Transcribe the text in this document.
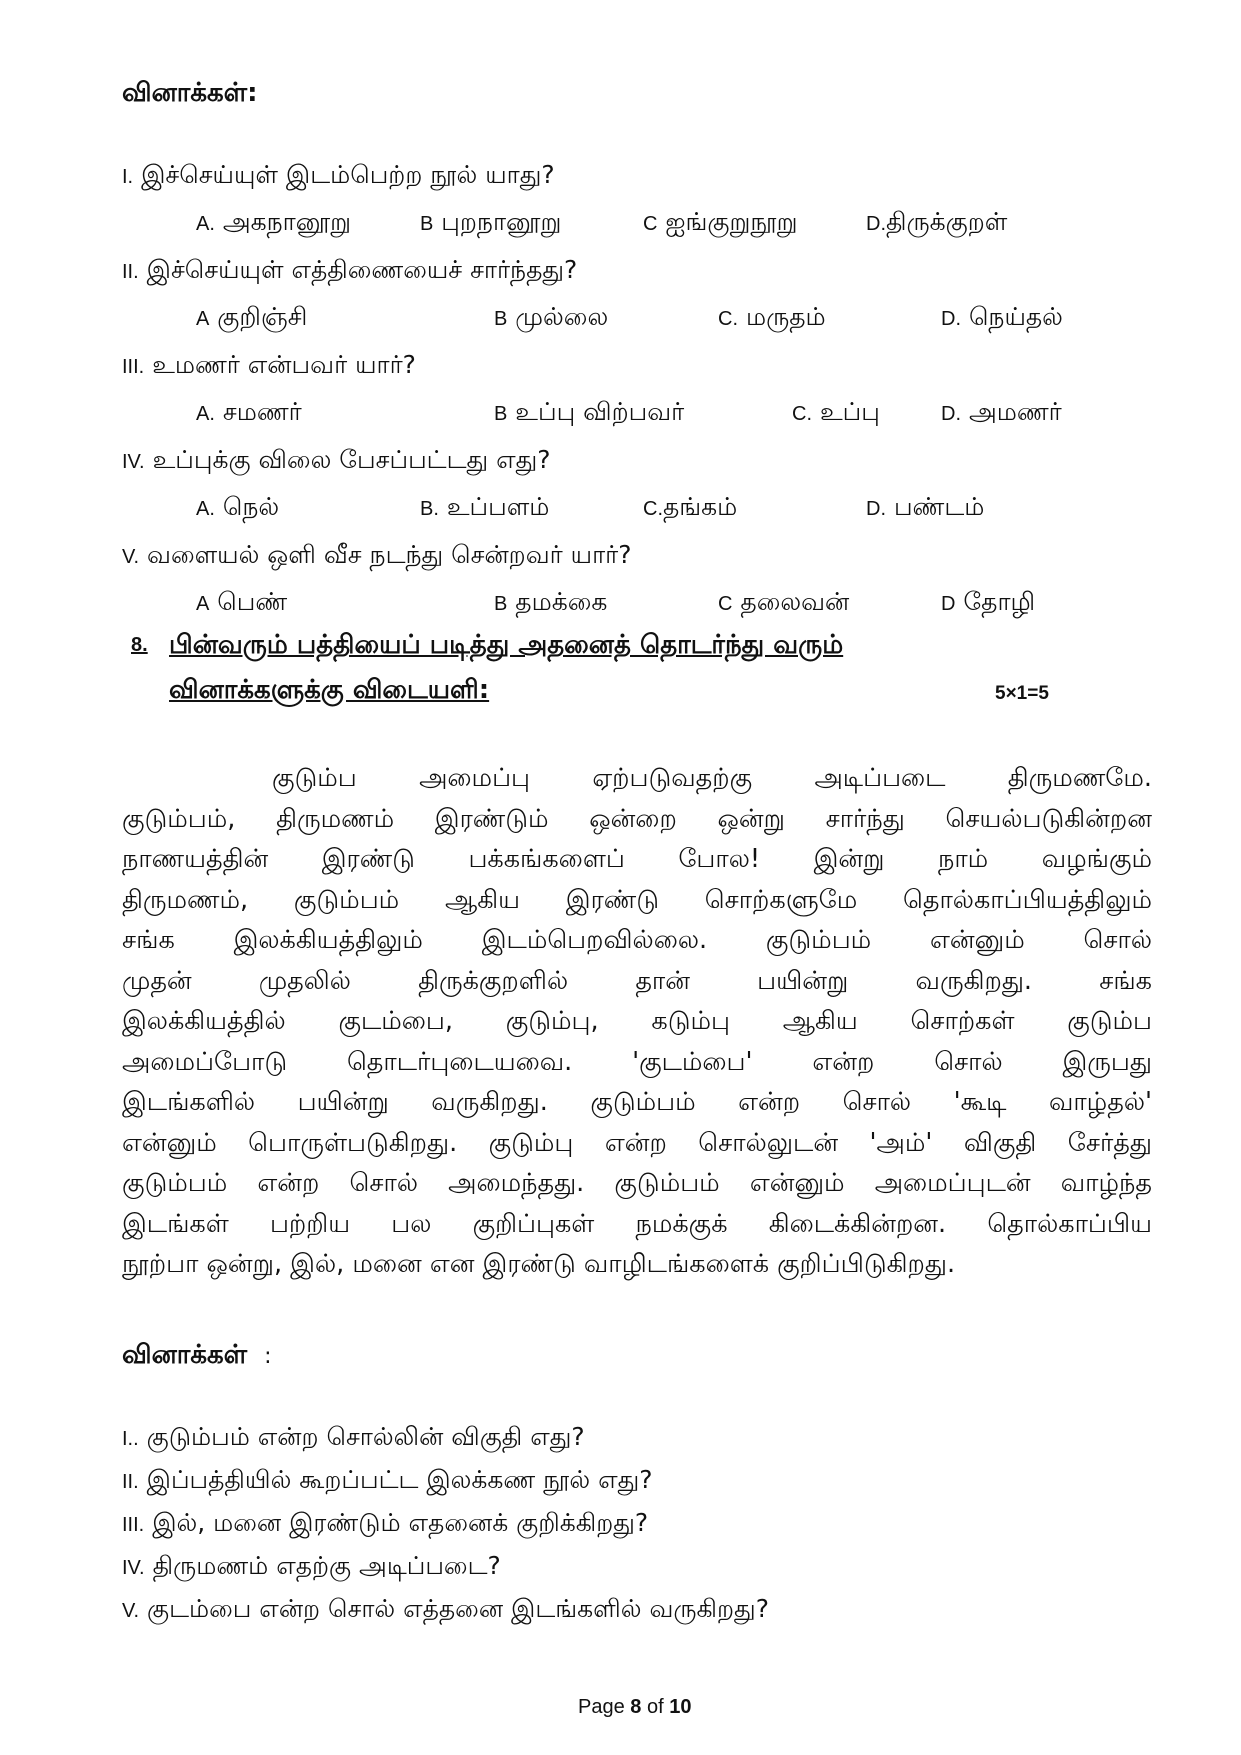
வினாக்கள்:
I. இச்செய்யுள் இடம்பெற்ற நூல் யாது?
A. அகநானூறு	B புறநானூறு	C ஐங்குறுநூறு	D.திருக்குறள்
II. இச்செய்யுள் எத்திணையைச் சார்ந்தது?
A குறிஞ்சி	B முல்லை	C. மருதம்	D. நெய்தல்
III. உமணர் என்பவர் யார்?
A. சமணர்	B உப்பு விற்பவர்	C. உப்பு	D. அமணர்
IV. உப்புக்கு விலை பேசப்பட்டது எது?
A. நெல்	B. உப்பளம்	C.தங்கம்	D. பண்டம்
V. வளையல் ஒளி வீச நடந்து சென்றவர் யார்?
A பெண்	B தமக்கை	C தலைவன்	D தோழி
8. பின்வரும் பத்தியைப் படித்து அதனைத் தொடர்ந்து வரும்
வினாக்களுக்கு விடையளி:	5×1=5
குடும்ப அமைப்பு ஏற்படுவதற்கு அடிப்படை திருமணமே.
குடும்பம், திருமணம் இரண்டும் ஒன்றை ஒன்று சார்ந்து செயல்படுகின்றன
நாணயத்தின் இரண்டு பக்கங்களைப் போல! இன்று நாம் வழங்கும்
திருமணம், குடும்பம் ஆகிய இரண்டு சொற்களுமே தொல்காப்பியத்திலும்
சங்க இலக்கியத்திலும் இடம்பெறவில்லை. குடும்பம் என்னும் சொல்
முதன் முதலில் திருக்குறளில் தான் பயின்று வருகிறது. சங்க
இலக்கியத்தில் குடம்பை, குடும்பு, கடும்பு ஆகிய சொற்கள் குடும்ப
அமைப்போடு தொடர்புடையவை. 'குடம்பை' என்ற சொல் இருபது
இடங்களில் பயின்று வருகிறது. குடும்பம் என்ற சொல் 'கூடி வாழ்தல்'
என்னும் பொருள்படுகிறது. குடும்பு என்ற சொல்லுடன் 'அம்' விகுதி சேர்த்து
குடும்பம் என்ற சொல் அமைந்தது. குடும்பம் என்னும் அமைப்புடன் வாழ்ந்த
இடங்கள் பற்றிய பல குறிப்புகள் நமக்குக் கிடைக்கின்றன. தொல்காப்பிய
நூற்பா ஒன்று, இல், மனை என இரண்டு வாழிடங்களைக் குறிப்பிடுகிறது.
வினாக்கள் :
I.. குடும்பம் என்ற சொல்லின் விகுதி எது?
II. இப்பத்தியில் கூறப்பட்ட இலக்கண நூல் எது?
III. இல், மனை இரண்டும் எதனைக் குறிக்கிறது?
IV. திருமணம் எதற்கு அடிப்படை?
V. குடம்பை என்ற சொல் எத்தனை இடங்களில் வருகிறது?
Page 8 of 10
